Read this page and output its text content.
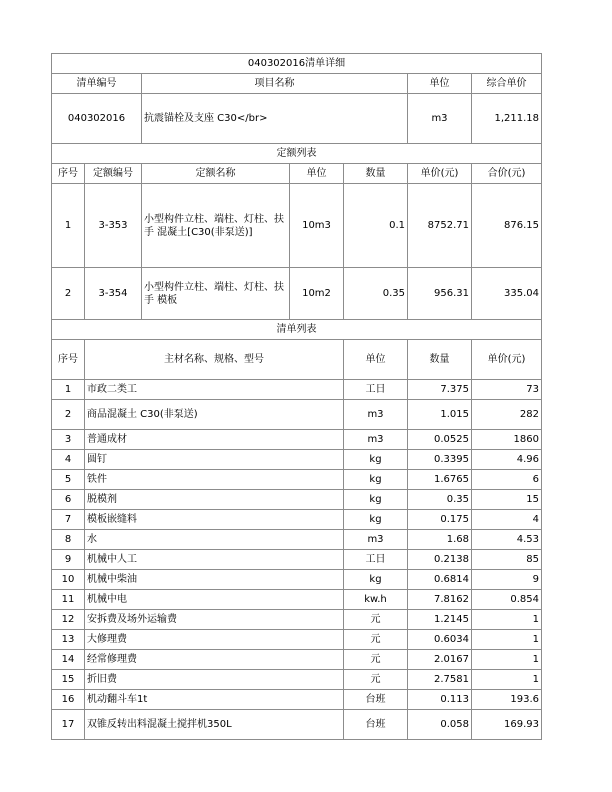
040302016清单详细							
清单编号		项目名称			单位	综合单价	
040302016		抗震锚栓及支座 C30</br>			m3	1,211.18	
定额列表							
序号	定额编号	定额名称	单位	数量	单价(元)	合价(元)	
1	3-353	小型构件立柱、端柱、灯柱、扶手 混凝土[C30(非泵送)]	10m3	0.1	8752.71	876.15	
2	3-354	小型构件立柱、端柱、灯柱、扶手 模板	10m2	0.35	956.31	335.04	
清单列表							
序号	主材名称、规格、型号			单位	数量	单价(元)	
1	市政二类工			工日	7.375	73	
2	商品混凝土 C30(非泵送)			m3	1.015	282	
3	普通成材			m3	0.0525	1860	
4	圆钉			kg	0.3395	4.96	
5	铁件			kg	1.6765	6	
6	脱模剂			kg	0.35	15	
7	模板嵌缝料			kg	0.175	4	
8	水			m3	1.68	4.53	
9	机械中人工			工日	0.2138	85	
10	机械中柴油			kg	0.6814	9	
11	机械中电			kw.h	7.8162	0.854	
12	安拆费及场外运输费			元	1.2145	1	
13	大修理费			元	0.6034	1	
14	经常修理费			元	2.0167	1	
15	折旧费			元	2.7581	1	
16	机动翻斗车1t			台班	0.113	193.6	
17	双锥反转出料混凝土搅拌机350L			台班	0.058	169.93	
